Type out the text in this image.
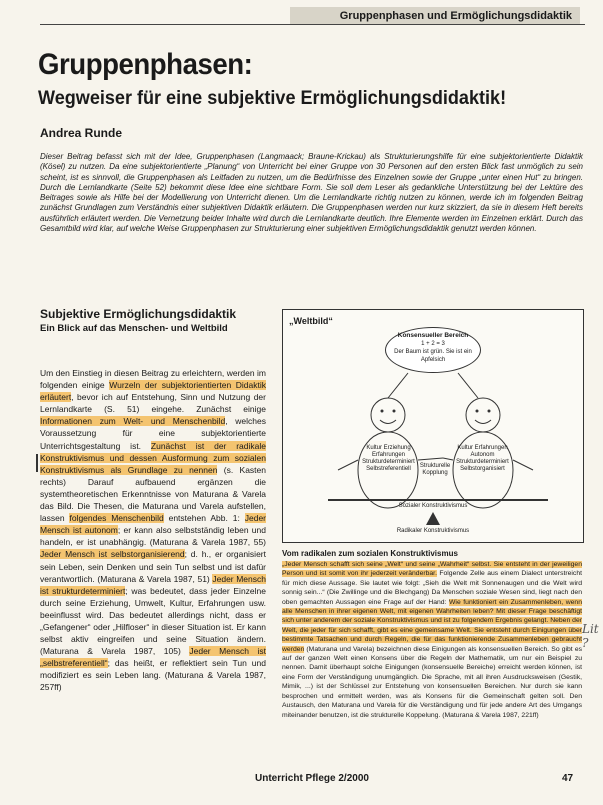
Gruppenphasen und Ermöglichungsdidaktik
Gruppenphasen:
Wegweiser für eine subjektive Ermöglichungsdidaktik!
Andrea Runde
Dieser Beitrag befasst sich mit der Idee, Gruppenphasen (Langmaack; Braune-Krickau) als Strukturierungshilfe für eine subjektorientierte Didaktik (Kösel) zu nutzen. Da eine subjektorientierte „Planung“ von Unterricht bei einer Gruppe von 30 Personen auf den ersten Blick fast unmöglich zu sein scheint, ist es sinnvoll, die Gruppenphasen als Leitfaden zu nutzen, um die Bedürfnisse des Einzelnen sowie der Gruppe „unter einen Hut“ zu bringen. Durch die Lernlandkarte (Seite 52) bekommt diese Idee eine sichtbare Form. Sie soll dem Leser als gedankliche Unterstützung bei der Lektüre des Beitrages sowie als Hilfe bei der Modellierung von Unterricht dienen. Um die Lernlandkarte richtig nutzen zu können, werde ich im folgenden Beitrag zunächst Grundlagen zum Verständnis einer subjektiven Didaktik erläutern. Die Gruppenphasen werden nur kurz skizziert, da sie in diesem Heft bereits ausführlich erläutert werden. Die Vernetzung beider Inhalte wird durch die Lernlandkarte deutlich. Ihre Elemente werden im Einzelnen erklärt. Durch das Gesamtbild wird klar, auf welche Weise Gruppenphasen zur Strukturierung einer subjektiven Ermöglichungsdidaktik genutzt werden können.
Subjektive Ermöglichungsdidaktik
Ein Blick auf das Menschen- und Weltbild
Um den Einstieg in diesen Beitrag zu erleichtern, werden im folgenden einige Wurzeln der subjektorientierten Didaktik erläutert, bevor ich auf Entstehung, Sinn und Nutzung der Lernlandkarte (S. 51) eingehe. Zunächst einige Informationen zum Welt- und Menschenbild, welches Voraussetzung für eine subjektorientierte Unterrichtsgestaltung ist. Zunächst ist der radikale Konstruktivismus und dessen Ausformung zum sozialen Konstruktivismus als Grundlage zu nennen (s. Kasten rechts) Darauf aufbauend ergänzen die systemtheoretischen Erkenntnisse von Maturana & Varela das Bild. Die Thesen, die Maturana und Varela aufstellen, lassen folgendes Menschenbild entstehen Abb. 1: Jeder Mensch ist autonom; er kann also selbstständig leben und handeln, er ist unabhängig. (Maturana & Varela 1987, 55) Jeder Mensch ist selbstorganisierend; d. h., er organisiert sein Leben, sein Denken und sein Tun selbst und ist dafür verantwortlich. (Maturana & Varela 1987, 51) Jeder Mensch ist strukturdeterminiert; was bedeutet, dass jeder Einzelne durch seine Erziehung, Umwelt, Kultur, Erfahrungen usw. beeinflusst wird. Das bedeutet allerdings nicht, dass er „Gefangener“ oder „Hilfloser“ in dieser Situation ist. Er kann selbst aktiv eingreifen und seine Situation ändern. (Maturana & Varela 1987, 105) Jeder Mensch ist „selbstreferentiell“; das heißt, er reflektiert sein Tun und modifiziert es sein Leben lang. (Maturana & Varela 1987, 257ff)
„Weltbild“
Konsensueller Bereich
1 + 2 = 3
Der Baum ist grün. Sie ist ein Apfelsich
Kultur Erziehung Erfahrungen Strukturdeterminiert Selbstreferentiell
Kultur Erfahrungen Autonom Strukturdeterminiert Selbstorganisiert
Strukturelle Kopplung
Sozialer Konstruktivismus
Radikaler Konstruktivismus
Vom radikalen zum sozialen Konstruktivismus
„Jeder Mensch schafft sich seine „Welt“ und seine „Wahrheit“ selbst. Sie entsteht in der jeweiligen Person und ist somit von ihr jederzeit veränderbar. Folgende Zelle aus einem Dialect unterstreicht für mich diese Aussage. Sie lautet wie folgt: „Sieh die Welt mit Sonnenaugen und die Welt wird sonnig sein...“ (Die Zwillinge und die Blechgang) Da Menschen soziale Wesen sind, liegt nach den oben gemachten Aussagen eine Frage auf der Hand: Wie funktioniert ein Zusammenleben, wenn alle Menschen in ihrer eigenen Welt, mit eigenen Wahrheiten leben? Mit dieser Frage beschäftigt sich unter anderem der soziale Konstruktivismus und ist zu folgendem Ergebnis gelangt. Neben der Welt, die jeder für sich schafft, gibt es eine gemeinsame Welt. Sie entsteht durch Einigungen über bestimmte Tatsachen und durch Regeln, die für das funktionierende Zusammenleben gebraucht werden (Maturana und Varela) bezeichnen diese Einigungen als konsensuellen Bereich. So gibt es auf der ganzen Welt einen Konsens über die Regeln der Mathematik, um nur ein Beispiel zu nennen. Damit überhaupt solche Einigungen (konsensuelle Bereiche) erreicht werden können, ist eine Form der Verständigung unumgänglich. Die Sprache, mit all ihren Ausdrucksweisen (Gestik, Mimik, ...) ist der Schlüssel zur Entstehung von konsensuellen Bereichen. Nur durch sie kann besprochen und ermittelt werden, was als Konsens für die Gemeinschaft gelten soll. Den Austausch, den Maturana und Varela für die Verständigung und für jede andere Art des Umgangs miteinander benutzen, ist die strukturelle Koppelung. (Maturana & Varela 1987, 221ff)
Lit ?
Unterricht Pflege 2/2000	47
